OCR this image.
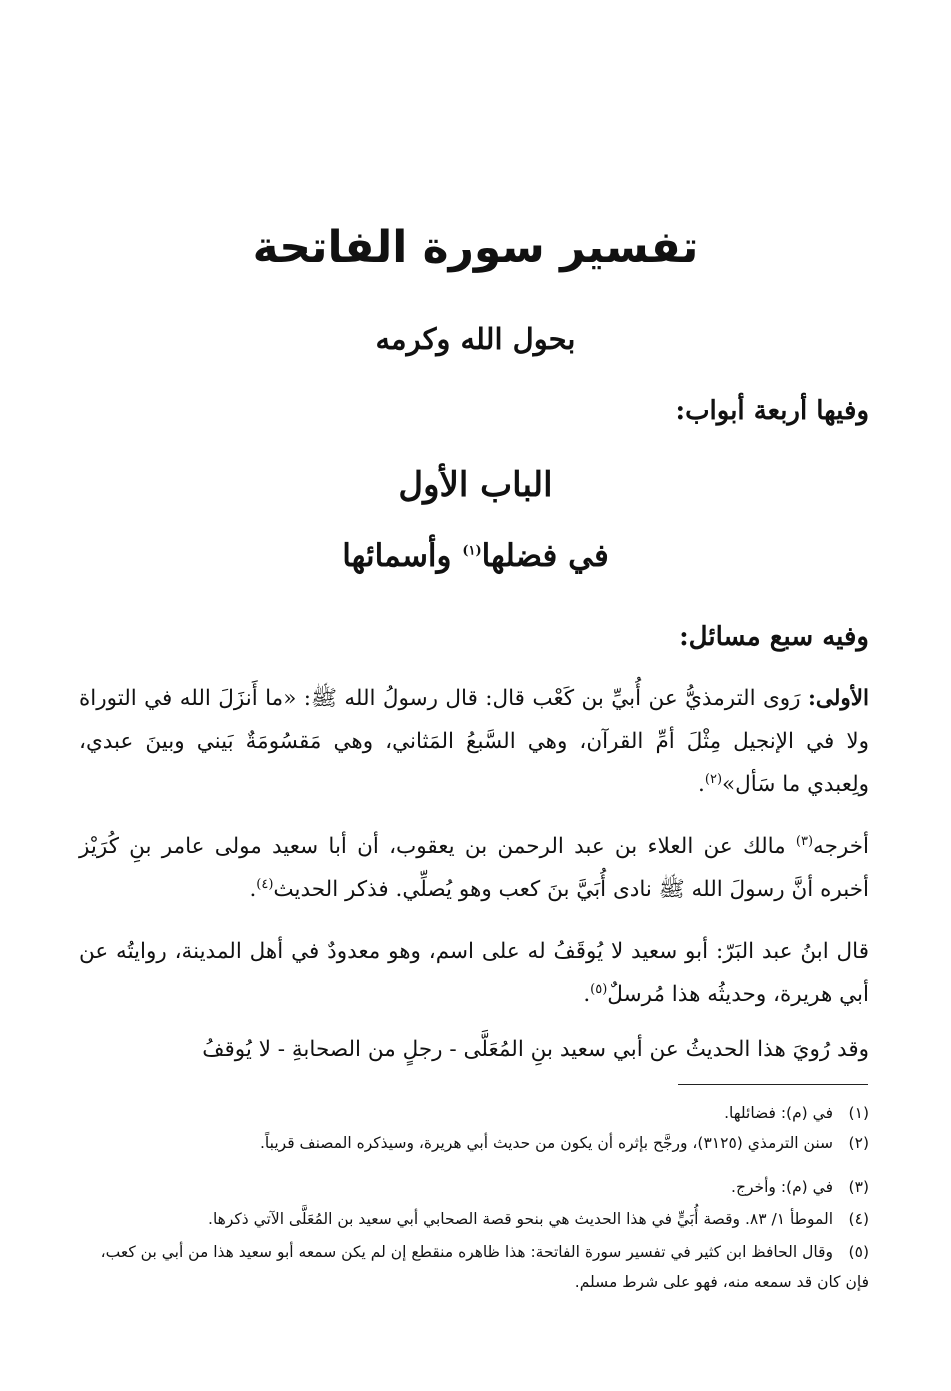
تفسير سورة الفاتحة
بحول الله وكرمه
وفيها أربعة أبواب:
الباب الأول
في فضلها$^{(١)}$ وأسمائها
وفيه سبع مسائل:
الأولى: رَوى الترمذيُّ عن أُبيِّ بن كَعْب قال: قال رسولُ الله ﷺ: «ما أَنزَلَ الله في التوراة ولا في الإنجيل مِثْلَ أمِّ القرآن، وهي السَّبعُ المَثاني، وهي مَقسُومَةٌ بَيني وبينَ عبدي، ولِعبدي ما سَأل»$^{(٢)}$.
أخرجه$^{(٣)}$ مالك عن العلاء بن عبد الرحمن بن يعقوب، أن أبا سعيد مولى عامر بنِ كُرَيْز أخبره أنَّ رسولَ الله ﷺ نادى أُبَيَّ بنَ كعب وهو يُصلِّي. فذكر الحديث$^{(٤)}$.
قال ابنُ عبد البَرّ: أبو سعيد لا يُوقَفُ له على اسم، وهو معدودٌ في أهل المدينة، روايتُه عن أبي هريرة، وحديثُه هذا مُرسلٌ$^{(٥)}$.
وقد رُويَ هذا الحديثُ عن أبي سعيد بنِ المُعَلَّى - رجلٍ من الصحابةِ - لا يُوقفُ
(١)في (م): فضائلها.
(٢)سنن الترمذي (٣١٢٥)، ورجَّح بإثره أن يكون من حديث أبي هريرة، وسيذكره المصنف قريباً.
(٣)في (م): وأخرج.
(٤)الموطأ ١/ ٨٣. وقصة أُبَيٍّ في هذا الحديث هي بنحو قصة الصحابي أبي سعيد بن المُعَلَّى الآتي ذكرها.
(٥)وقال الحافظ ابن كثير في تفسير سورة الفاتحة: هذا ظاهره منقطع إن لم يكن سمعه أبو سعيد هذا من أبي بن كعب، فإن كان قد سمعه منه، فهو على شرط مسلم.
